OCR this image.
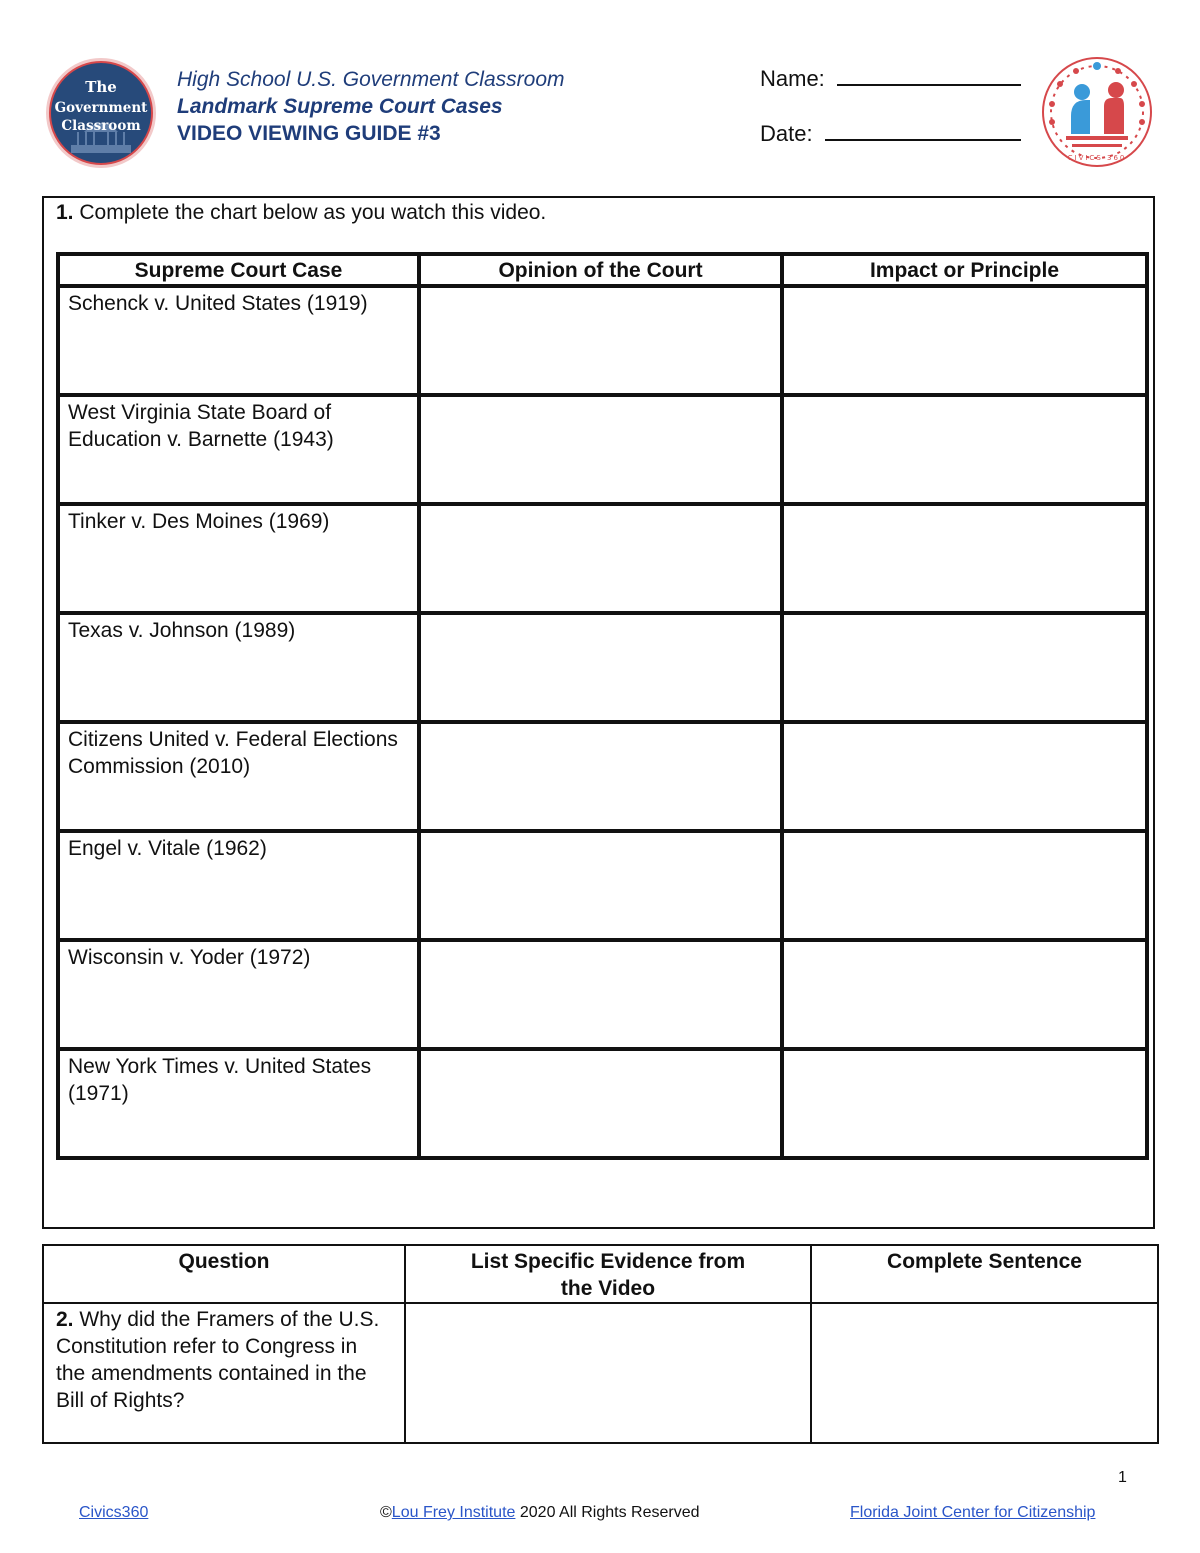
The
Government
Classroom
High School U.S. Government Classroom
Landmark Supreme Court Cases
VIDEO VIEWING GUIDE #3
Name:
Date:
CIVICS 360
1. Complete the chart below as you watch this video.
Supreme Court Case	Opinion of the Court	Impact or Principle
Schenck v. United States (1919)		
West Virginia State Board of Education v. Barnette (1943)		
Tinker v. Des Moines (1969)		
Texas v. Johnson (1989)		
Citizens United v. Federal Elections Commission (2010)		
Engel v. Vitale (1962)		
Wisconsin v. Yoder (1972)		
New York Times v. United States (1971)		
Question	List Specific Evidence from the Video	Complete Sentence
2. Why did the Framers of the U.S. Constitution refer to Congress in the amendments contained in the Bill of Rights?		
1
Civics360	©Lou Frey Institute 2020 All Rights Reserved	Florida Joint Center for Citizenship
